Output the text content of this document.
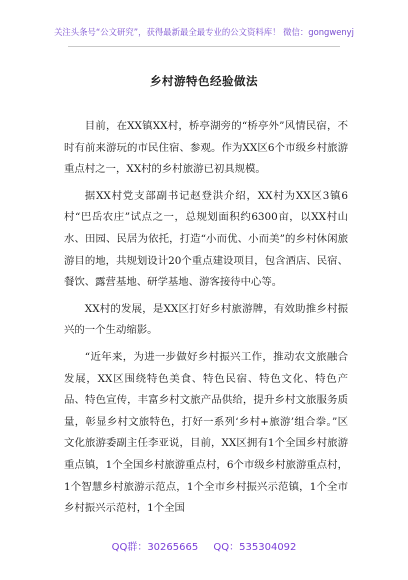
关注头条号“公文研究”，获得最新最全最专业的公文资料库！ 微信：gongwenyj
乡村游特色经验做法

目前，在XX镇XX村，桥亭湖旁的“桥亭外”风情民宿，不时有前来游玩的市民住宿、参观。作为XX区6个市级乡村旅游重点村之一，XX村的乡村旅游已初具规模。

据XX村党支部副书记赵登洪介绍，XX村为XX区3镇6村“巴岳农庄”试点之一，总规划面积约6300亩，以XX村山水、田园、民居为依托，打造“小而优、小而美”的乡村休闲旅游目的地，共规划设计20个重点建设项目，包含酒店、民宿、餐饮、露营基地、研学基地、游客接待中心等。

XX村的发展，是XX区打好乡村旅游牌，有效助推乡村振兴的一个生动缩影。

“近年来，为进一步做好乡村振兴工作，推动农文旅融合发展，XX区围绕特色美食、特色民宿、特色文化、特色产品、特色宣传，丰富乡村文旅产品供给，提升乡村文旅服务质量，彰显乡村文旅特色，打好一系列‘乡村+旅游’组合拳。”区文化旅游委副主任李亚说，目前，XX区拥有1个全国乡村旅游重点镇，1个全国乡村旅游重点村，6个市级乡村旅游重点村，1个智慧乡村旅游示范点，1个全市乡村振兴示范镇，1个全市乡村振兴示范村，1个全国

QQ群：30265665 QQ：535304092
